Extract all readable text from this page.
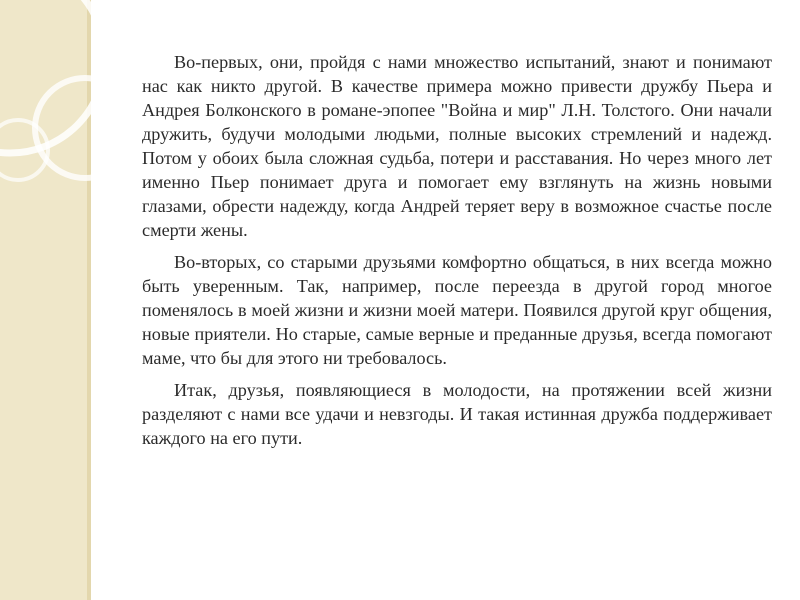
Во-первых, они, пройдя с нами множество испытаний, знают и понимают нас как никто другой. В качестве примера можно привести дружбу Пьера и Андрея Болконского в романе-эпопее "Война и мир" Л.Н. Толстого. Они начали дружить, будучи молодыми людьми, полные высоких стремлений и надежд. Потом у обоих была сложная судьба, потери и расставания. Но через много лет именно Пьер понимает друга и помогает ему взглянуть на жизнь новыми глазами, обрести надежду, когда Андрей теряет веру в возможное счастье после смерти жены.

Во-вторых, со старыми друзьями комфортно общаться, в них всегда можно быть уверенным. Так, например, после переезда в другой город многое поменялось в моей жизни и жизни моей матери. Появился другой круг общения, новые приятели. Но старые, самые верные и преданные друзья, всегда помогают маме, что бы для этого ни требовалось.

Итак, друзья, появляющиеся в молодости, на протяжении всей жизни разделяют с нами все удачи и невзгоды. И такая истинная дружба поддерживает каждого на его пути.
